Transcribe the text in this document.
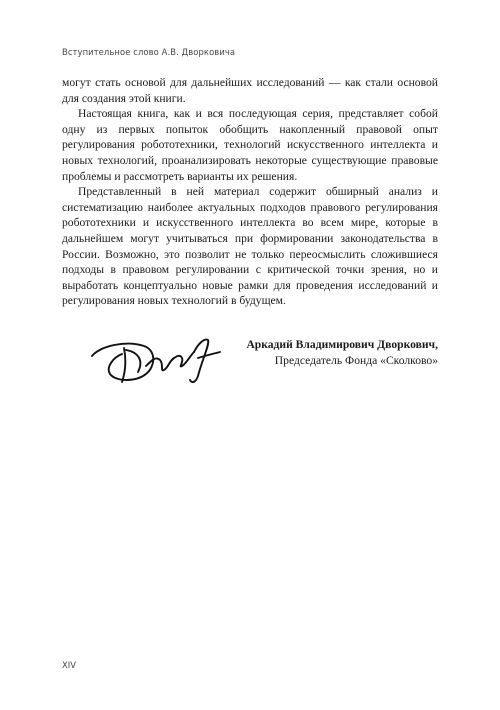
Вступительное слово А.В. Дворковича

могут стать основой для дальнейших исследований — как стали основой для создания этой книги.

Настоящая книга, как и вся последующая серия, представляет собой одну из первых попыток обобщить накопленный правовой опыт регулирования робототехники, технологий искусственного интеллекта и новых технологий, проанализировать некоторые существующие правовые проблемы и рассмотреть варианты их решения.

Представленный в ней материал содержит обширный анализ и систематизацию наиболее актуальных подходов правового регулирования робототехники и искусственного интеллекта во всем мире, которые в дальнейшем могут учитываться при формировании законодательства в России. Возможно, это позволит не только переосмыслить сложившиеся подходы в правовом регулировании с критической точки зрения, но и выработать концептуально новые рамки для проведения исследований и регулирования новых технологий в будущем.

Аркадий Владимирович Дворкович,
Председатель Фонда «Сколково»
XIV
